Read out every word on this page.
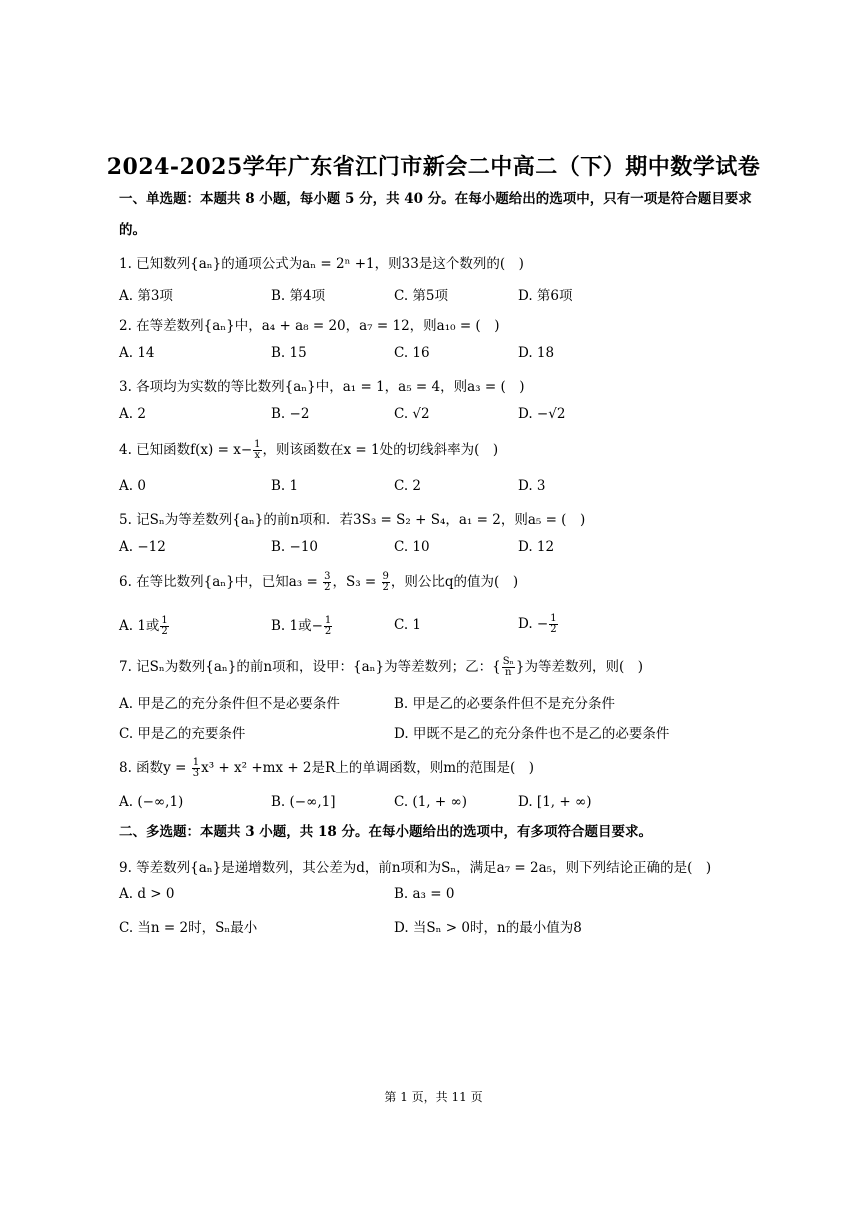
2024-2025学年广东省江门市新会二中高二（下）期中数学试卷
一、单选题：本题共 8 小题，每小题 5 分，共 40 分。在每小题给出的选项中，只有一项是符合题目要求的。
1. 已知数列{aₙ}的通项公式为aₙ = 2ⁿ +1，则33是这个数列的(　)
A. 第3项	B. 第4项	C. 第5项	D. 第6项
2. 在等差数列{aₙ}中，a₄ + a₈ = 20，a₇ = 12，则a₁₀ = (　)
A. 14	B. 15	C. 16	D. 18
3. 各项均为实数的等比数列{aₙ}中，a₁ = 1，a₅ = 4，则a₃ = (　)
A. 2	B. −2	C. √2	D. −√2
4. 已知函数$f(x) = x- \frac{1}{x}$ ，则该函数在x = 1处的切线斜率为(　)
A. 0	B. 1	C. 2	D. 3
5. 记Sₙ为等差数列{aₙ}的前n项和．若3S₃ = S₂ + S₄，a₁ = 2，则a₅ = (　)
A. −12	B. −10	C. 10	D. 12
6. 在等比数列{aₙ}中，已知$a_3 = \frac{3}{2}$ ，$S_3 = \frac{9}{2}$ ，则公比q的值为(　)
A. 1或 $\frac{1}{2}$	B. 1或− $\frac{1}{2}$	C. 1	D. − $\frac{1}{2}$
7. 记Sₙ为数列{aₙ}的前n项和，设甲：{aₙ}为等差数列；乙：{ $\frac{\text{Sₙ}}{n}$ }为等差数列，则(　)
A. 甲是乙的充分条件但不是必要条件	B. 甲是乙的必要条件但不是充分条件
C. 甲是乙的充要条件	D. 甲既不是乙的充分条件也不是乙的必要条件
8. 函数$y = \frac{1}{3} x^3 + x^2 +mx + 2$是R上的单调函数，则m的范围是(　)
A. (−∞,1)	B. (−∞,1]	C. (1, + ∞)	D. [1, + ∞)
二、多选题：本题共 3 小题，共 18 分。在每小题给出的选项中，有多项符合题目要求。
9. 等差数列{aₙ}是递增数列，其公差为d，前n项和为Sₙ，满足a₇ = 2a₅，则下列结论正确的是(　)
A. d > 0	B. a₃ = 0
C. 当n = 2时，Sₙ最小	D. 当Sₙ > 0时，n的最小值为8
第 1 页，共 11 页
